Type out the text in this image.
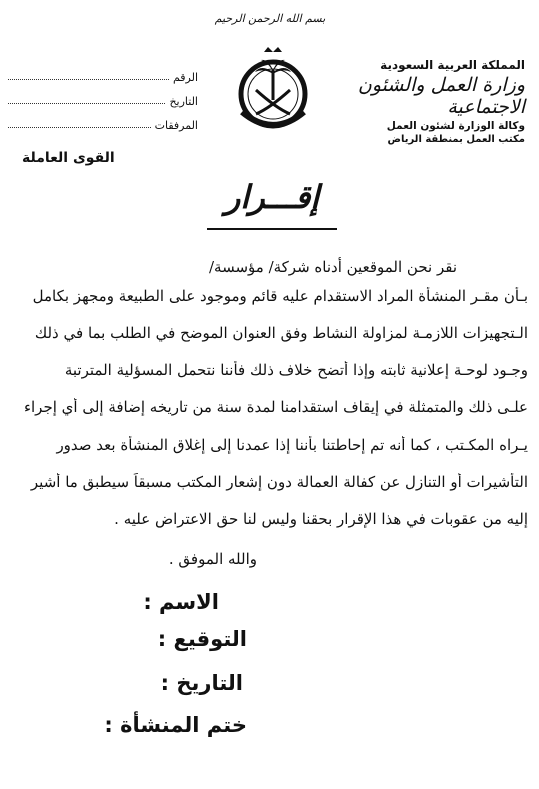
بسم الله الرحمن الرحيم
المملكة العربية السعودية
وزارة العمل والشئون الاجتماعية
وكالة الوزارة لشئون العمل
مكتب العمل بمنطقة الرياض
الرقم
التاريخ
المرفقات
القوى العاملة
إقـــرار
نقر نحن الموقعين أدناه شركة/ مؤسسة/
بـأن مقـر المنشأة المراد الاستقدام عليه قائم وموجود على الطبيعة ومجهز بكامل
الـتجهيزات اللازمـة لمزاولة النشاط وفق العنوان الموضح في الطلب بما في ذلك
وجـود لوحـة إعلانية ثابته وإذا أتضح خلاف ذلك فأننا نتحمل المسؤلية المترتبة
علـى ذلك والمتمثلة في إيقاف استقدامنا لمدة سنة من تاريخه إضافة إلى أي إجراء
يـراه المكـتب ، كما أنه تم إحاطتنا بأننا إذا عمدنا إلى إغلاق المنشأة بعد صدور
التأشيرات أو التنازل عن كفالة العمالة دون إشعار المكتب مسبقاً سيطبق ما أشير
إليه من عقوبات في هذا الإقرار بحقنا وليس لنا حق الاعتراض عليه .
والله الموفق .
الاسم :
التوقيع :
التاريخ :
ختم المنشأة :
